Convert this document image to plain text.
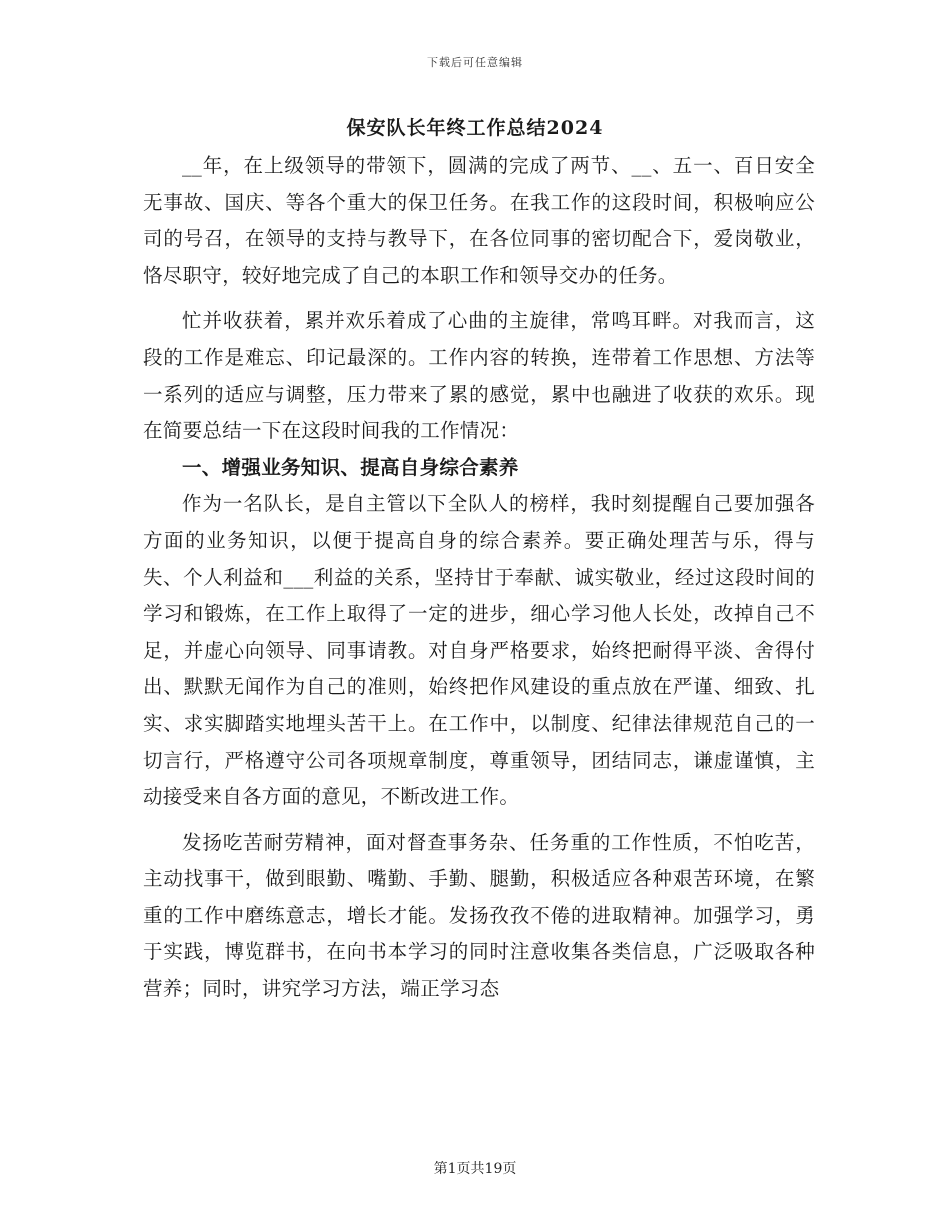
下载后可任意编辑
保安队长年终工作总结2024

__年，在上级领导的带领下，圆满的完成了两节、__、五一、百日安全无事故、国庆、等各个重大的保卫任务。在我工作的这段时间，积极响应公司的号召，在领导的支持与教导下，在各位同事的密切配合下，爱岗敬业，恪尽职守，较好地完成了自己的本职工作和领导交办的任务。

忙并收获着，累并欢乐着成了心曲的主旋律，常鸣耳畔。对我而言，这段的工作是难忘、印记最深的。工作内容的转换，连带着工作思想、方法等一系列的适应与调整，压力带来了累的感觉，累中也融进了收获的欢乐。现在简要总结一下在这段时间我的工作情况：

一、增强业务知识、提高自身综合素养

作为一名队长，是自主管以下全队人的榜样，我时刻提醒自己要加强各方面的业务知识，以便于提高自身的综合素养。要正确处理苦与乐，得与失、个人利益和___利益的关系，坚持甘于奉献、诚实敬业，经过这段时间的学习和锻炼，在工作上取得了一定的进步，细心学习他人长处，改掉自己不足，并虚心向领导、同事请教。对自身严格要求，始终把耐得平淡、舍得付出、默默无闻作为自己的准则，始终把作风建设的重点放在严谨、细致、扎实、求实脚踏实地埋头苦干上。在工作中，以制度、纪律法律规范自己的一切言行，严格遵守公司各项规章制度，尊重领导，团结同志，谦虚谨慎，主动接受来自各方面的意见，不断改进工作。

发扬吃苦耐劳精神，面对督查事务杂、任务重的工作性质，不怕吃苦，主动找事干，做到眼勤、嘴勤、手勤、腿勤，积极适应各种艰苦环境，在繁重的工作中磨练意志，增长才能。发扬孜孜不倦的进取精神。加强学习，勇于实践，博览群书，在向书本学习的同时注意收集各类信息，广泛吸取各种营养；同时，讲究学习方法，端正学习态

第1页共19页
